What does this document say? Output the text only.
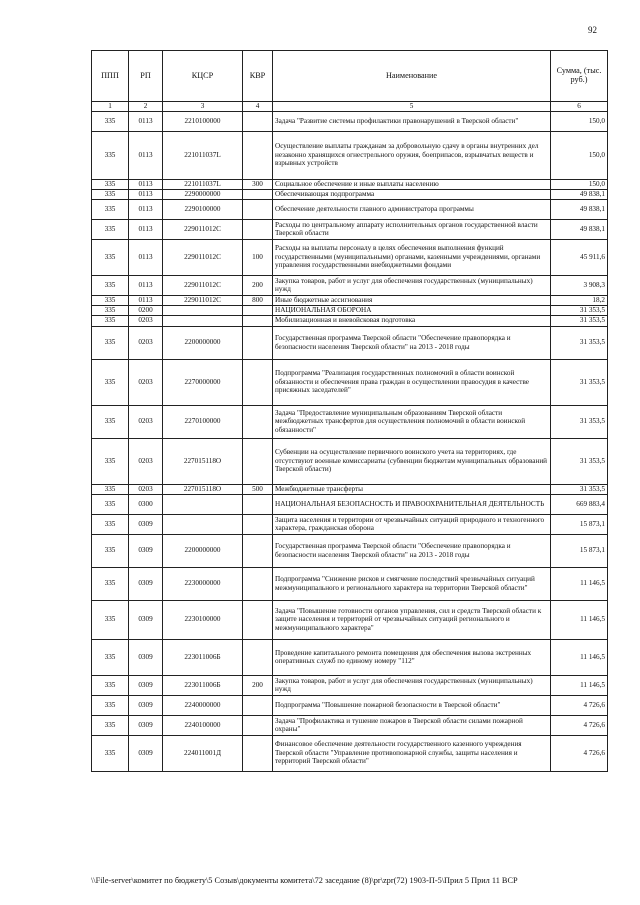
92
ППП	РП	КЦСР	КВР	Наименование	Сумма, (тыс. руб.)
1	2	3	4	5	6
335	0113	2210100000		Задача "Развитие системы профилактики правонарушений в Тверской области"	150,0
335	0113	221011037L		Осуществление выплаты гражданам за добровольную сдачу в органы внутренних дел незаконно хранящихся огнестрельного оружия, боеприпасов, взрывчатых веществ и взрывных устройств	150,0
335	0113	221011037L	300	Социальное обеспечение и иные выплаты населению	150,0
335	0113	2290000000		Обеспечивающая подпрограмма	49 838,1
335	0113	2290100000		Обеспечение деятельности главного администратора программы	49 838,1
335	0113	229011012С		Расходы по центральному аппарату исполнительных органов государственной власти Тверской области	49 838,1
335	0113	229011012С	100	Расходы на выплаты персоналу в целях обеспечения выполнения функций государственными (муниципальными) органами, казенными учреждениями, органами управления государственными внебюджетными фондами	45 911,6
335	0113	229011012С	200	Закупка товаров, работ и услуг для обеспечения государственных (муниципальных) нужд	3 908,3
335	0113	229011012С	800	Иные бюджетные ассигнования	18,2
335	0200			НАЦИОНАЛЬНАЯ ОБОРОНА	31 353,5
335	0203			Мобилизационная и вневойсковая подготовка	31 353,5
335	0203	2200000000		Государственная программа Тверской области "Обеспечение правопорядка и безопасности населения Тверской области" на 2013 - 2018 годы	31 353,5
335	0203	2270000000		Подпрограмма "Реализация государственных полномочий в области воинской обязанности и обеспечения права граждан в осуществлении правосудия в качестве присяжных заседателей"	31 353,5
335	0203	2270100000		Задача "Предоставление муниципальным образованиям Тверской области межбюджетных трансфертов для осуществления полномочий в области воинской обязанности"	31 353,5
335	0203	227015118О		Субвенции на осуществление первичного воинского учета на территориях, где отсутствуют военные комиссариаты (субвенции бюджетам муниципальных образований Тверской области)	31 353,5
335	0203	227015118О	500	Межбюджетные трансферты	31 353,5
335	0300			НАЦИОНАЛЬНАЯ БЕЗОПАСНОСТЬ И ПРАВООХРАНИТЕЛЬНАЯ ДЕЯТЕЛЬНОСТЬ	669 883,4
335	0309			Защита населения и территории от чрезвычайных ситуаций природного и техногенного характера, гражданская оборона	15 873,1
335	0309	2200000000		Государственная программа Тверской области "Обеспечение правопорядка и безопасности населения Тверской области" на 2013 - 2018 годы	15 873,1
335	0309	2230000000		Подпрограмма "Снижение рисков и смягчение последствий чрезвычайных ситуаций межмуниципального и регионального характера на территории Тверской области"	11 146,5
335	0309	2230100000		Задача "Повышение готовности органов управления, сил и средств Тверской области к защите населения и территорий от чрезвычайных ситуаций регионального и межмуниципального характера"	11 146,5
335	0309	223011006Б		Проведение капитального ремонта помещения для обеспечения вызова экстренных оперативных служб по единому номеру "112"	11 146,5
335	0309	223011006Б	200	Закупка товаров, работ и услуг для обеспечения государственных (муниципальных) нужд	11 146,5
335	0309	2240000000		Подпрограмма "Повышение пожарной безопасности в Тверской области"	4 726,6
335	0309	2240100000		Задача "Профилактика и тушение пожаров в Тверской области силами пожарной охраны"	4 726,6
335	0309	224011001Д		Финансовое обеспечение деятельности государственного казенного учреждения Тверской области "Управление противопожарной службы, защиты населения и территорий Тверской области"	4 726,6
\\File-server\комитет по бюджету\5 Созыв\документы комитета\72 заседание (8)\pr\zpr(72) 1903-П-5\Прил 5 Прил 11 ВСР
